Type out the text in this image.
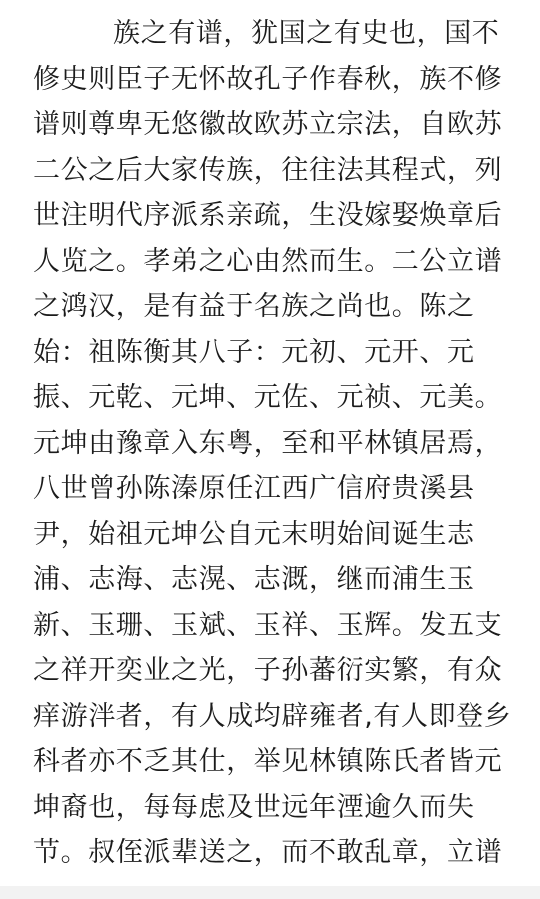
族之有谱，犹国之有史也，国不
修史则臣子无怀故孔子作春秋，族不修
谱则尊卑无悠徽故欧苏立宗法，自欧苏
二公之后大家传族，往往法其程式，列
世注明代序派系亲疏，生没嫁娶焕章后
人览之。孝弟之心由然而生。二公立谱
之鸿汉，是有益于名族之尚也。陈之
始：祖陈衡其八子：元初、元开、元
振、元乾、元坤、元佐、元祯、元美。
元坤由豫章入东粤，至和平林镇居焉，
八世曾孙陈溱原任江西广信府贵溪县
尹，始祖元坤公自元末明始间诞生志
浦、志海、志滉、志溉，继而浦生玉
新、玉珊、玉斌、玉祥、玉辉。发五支
之祥开奕业之光，子孙蕃衍实繁，有众
痒游泮者，有人成均辟雍者,有人即登乡
科者亦不乏其仕，举见林镇陈氏者皆元
坤裔也，每每虑及世远年湮逾久而失
节。叔侄派辈送之，而不敢乱章，立谱
